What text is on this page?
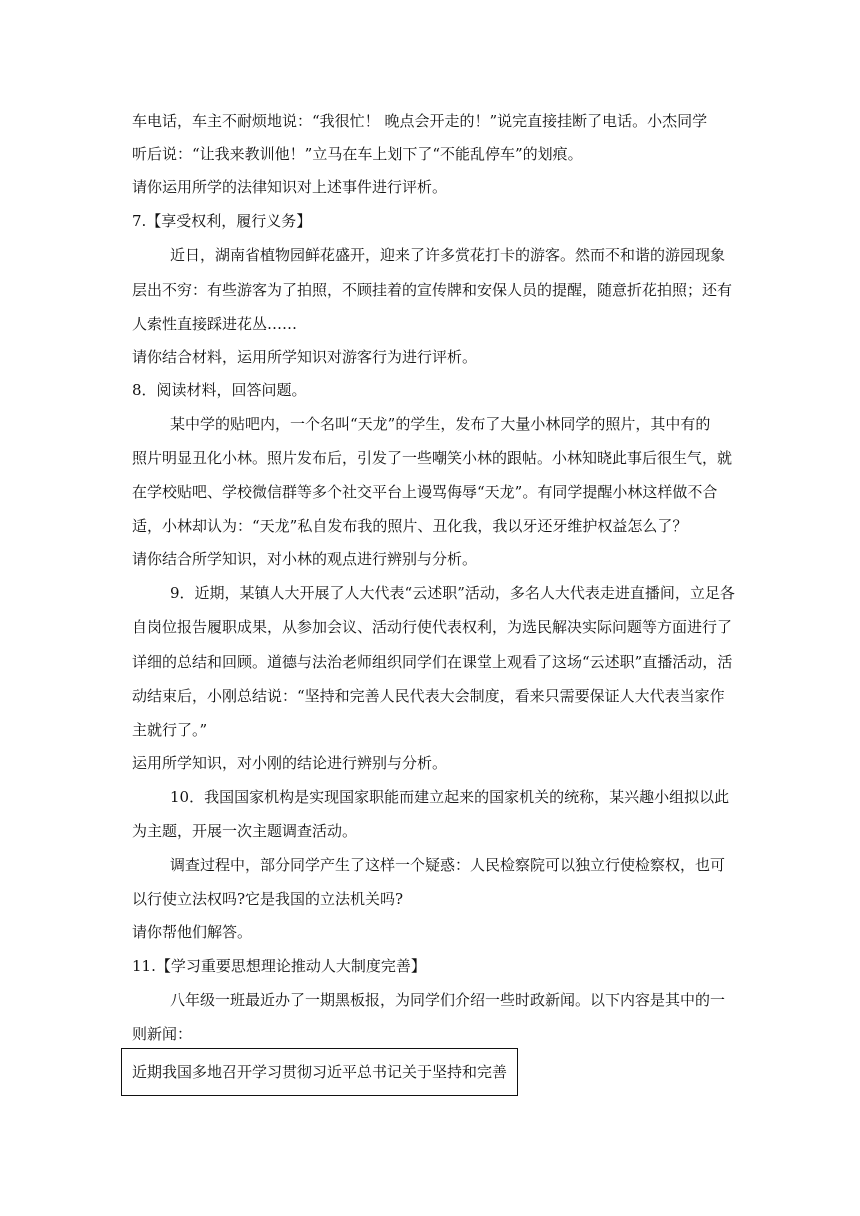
车电话，车主不耐烦地说：“我很忙！ 晚点会开走的！”说完直接挂断了电话。小杰同学
听后说：“让我来教训他！”立马在车上划下了“不能乱停车”的划痕。
请你运用所学的法律知识对上述事件进行评析。
7.【享受权利，履行义务】
近日，湖南省植物园鲜花盛开，迎来了许多赏花打卡的游客。然而不和谐的游园现象
层出不穷：有些游客为了拍照，不顾挂着的宣传牌和安保人员的提醒，随意折花拍照；还有
人索性直接踩进花丛……
请你结合材料，运用所学知识对游客行为进行评析。
8．阅读材料，回答问题。
某中学的贴吧内，一个名叫“天龙”的学生，发布了大量小林同学的照片，其中有的
照片明显丑化小林。照片发布后，引发了一些嘲笑小林的跟帖。小林知晓此事后很生气，就
在学校贴吧、学校微信群等多个社交平台上谩骂侮辱“天龙”。有同学提醒小林这样做不合
适，小林却认为：“天龙”私自发布我的照片、丑化我，我以牙还牙维护权益怎么了？
请你结合所学知识，对小林的观点进行辨别与分析。
9．近期，某镇人大开展了人大代表“云述职”活动，多名人大代表走进直播间，立足各
自岗位报告履职成果，从参加会议、活动行使代表权利，为选民解决实际问题等方面进行了
详细的总结和回顾。道德与法治老师组织同学们在课堂上观看了这场“云述职”直播活动，活
动结束后，小刚总结说：“坚持和完善人民代表大会制度，看来只需要保证人大代表当家作
主就行了。”
运用所学知识，对小刚的结论进行辨别与分析。
10．我国国家机构是实现国家职能而建立起来的国家机关的统称，某兴趣小组拟以此
为主题，开展一次主题调查活动。
调查过程中，部分同学产生了这样一个疑惑：人民检察院可以独立行使检察权，也可
以行使立法权吗?它是我国的立法机关吗?
请你帮他们解答。
11.【学习重要思想理论推动人大制度完善】
八年级一班最近办了一期黑板报，为同学们介绍一些时政新闻。以下内容是其中的一
则新闻：
近期我国多地召开学习贯彻习近平总书记关于坚持和完善
